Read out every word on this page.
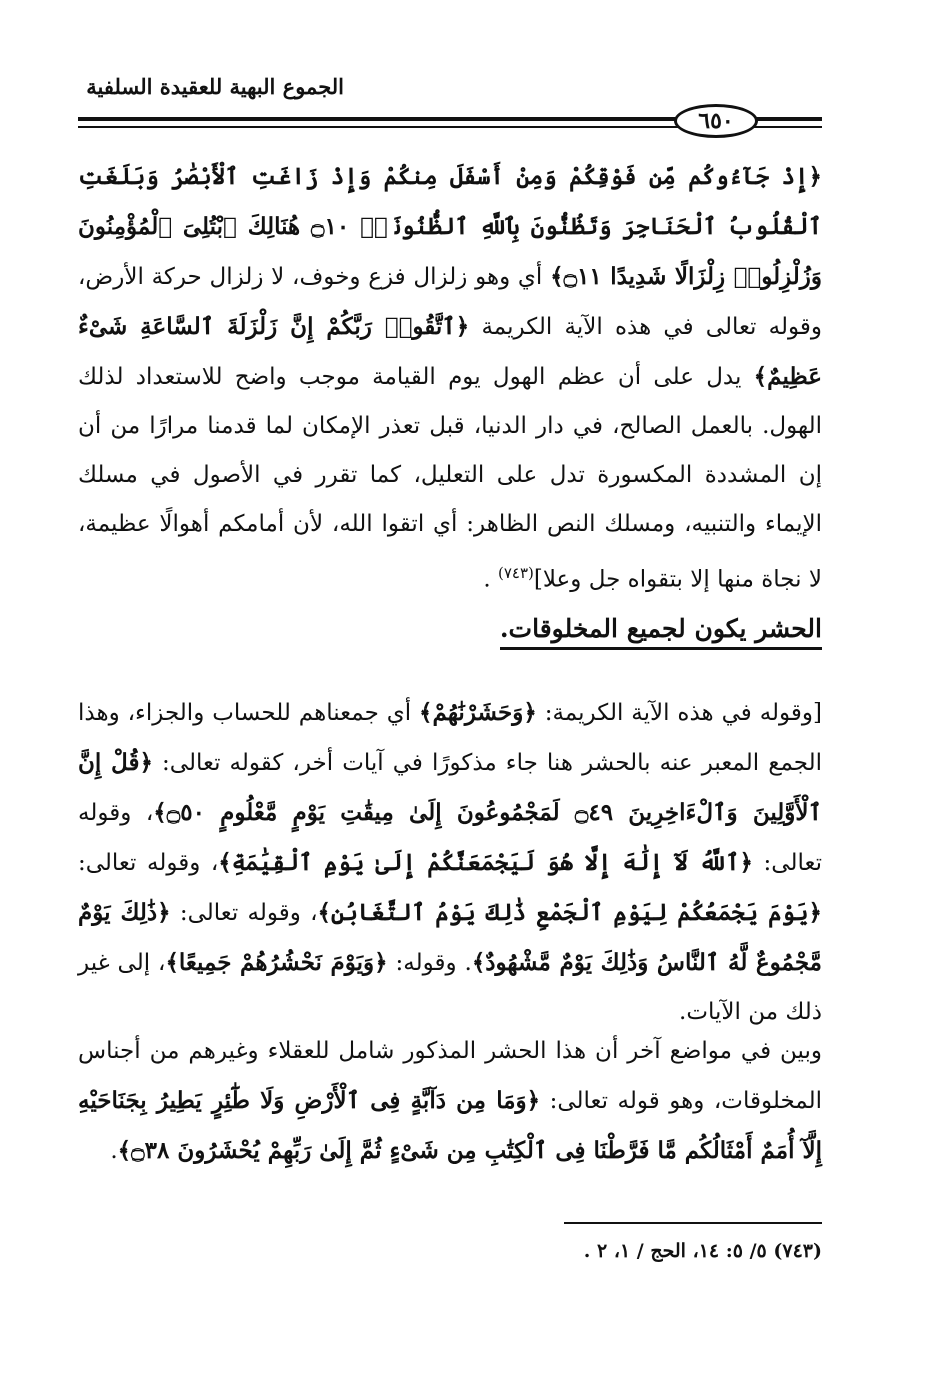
الجموع البهية للعقيدة السلفية
٦٥٠
﴿إِذْ جَآءُوكُم مِّن فَوْقِكُمْ وَمِنْ أَسْفَلَ مِنكُمْ وَإِذْ زَاغَتِ ٱلْأَبْصَٰرُ وَبَلَغَتِ ٱلْقُلُوبُ ٱلْحَنَاجِرَ وَتَظُنُّونَ بِٱللَّهِ ٱلظُّنُونَا۠ ۝١٠ هُنَالِكَ ٱبْتُلِىَ ٱلْمُؤْمِنُونَ وَزُلْزِلُوا۟ زِلْزَالًا شَدِيدًا ۝١١﴾ أي وهو زلزال فزع وخوف، لا زلزال حركة الأرض، وقوله تعالى في هذه الآية الكريمة ﴿ٱتَّقُوا۟ رَبَّكُمْ إِنَّ زَلْزَلَةَ ٱلسَّاعَةِ شَىْءٌ عَظِيمٌ﴾ يدل على أن عظم الهول يوم القيامة موجب واضح للاستعداد لذلك الهول. بالعمل الصالح، في دار الدنيا، قبل تعذر الإمكان لما قدمنا مرارًا من أن إن المشددة المكسورة تدل على التعليل، كما تقرر في الأصول في مسلك الإيماء والتنبيه، ومسلك النص الظاهر: أي اتقوا الله، لأن أمامكم أهوالًا عظيمة، لا نجاة منها إلا بتقواه جل وعلا]$^{(٧٤٣)}$ .
الحشر يكون لجميع المخلوقات.
[وقوله في هذه الآية الكريمة: ﴿وَحَشَرْنَٰهُمْ﴾ أي جمعناهم للحساب والجزاء، وهذا الجمع المعبر عنه بالحشر هنا جاء مذكورًا في آيات أخر، كقوله تعالى: ﴿قُلْ إِنَّ ٱلْأَوَّلِينَ وَٱلْءَاخِرِينَ ۝٤٩ لَمَجْمُوعُونَ إِلَىٰ مِيقَٰتِ يَوْمٍ مَّعْلُومٍ ۝٥٠﴾، وقوله تعالى: ﴿ٱللَّهُ لَآ إِلَٰهَ إِلَّا هُوَ لَيَجْمَعَنَّكُمْ إِلَىٰ يَوْمِ ٱلْقِيَٰمَةِ﴾، وقوله تعالى: ﴿يَوْمَ يَجْمَعُكُمْ لِيَوْمِ ٱلْجَمْعِ ذَٰلِكَ يَوْمُ ٱلتَّغَابُنِ﴾، وقوله تعالى: ﴿ذَٰلِكَ يَوْمٌ مَّجْمُوعٌ لَّهُ ٱلنَّاسُ وَذَٰلِكَ يَوْمٌ مَّشْهُودٌ﴾. وقوله: ﴿وَيَوْمَ نَحْشُرُهُمْ جَمِيعًا﴾، إلى غير ذلك من الآيات.
وبين في مواضع آخر أن هذا الحشر المذكور شامل للعقلاء وغيرهم من أجناس المخلوقات، وهو قوله تعالى: ﴿وَمَا مِن دَآبَّةٍ فِى ٱلْأَرْضِ وَلَا طَٰٓئِرٍ يَطِيرُ بِجَنَاحَيْهِ إِلَّآ أُمَمٌ أَمْثَالُكُم مَّا فَرَّطْنَا فِى ٱلْكِتَٰبِ مِن شَىْءٍ ثُمَّ إِلَىٰ رَبِّهِمْ يُحْشَرُونَ ۝٣٨﴾.
(٧٤٣) ٥/ ٥: ١٤، الحج / ١، ٢ .
